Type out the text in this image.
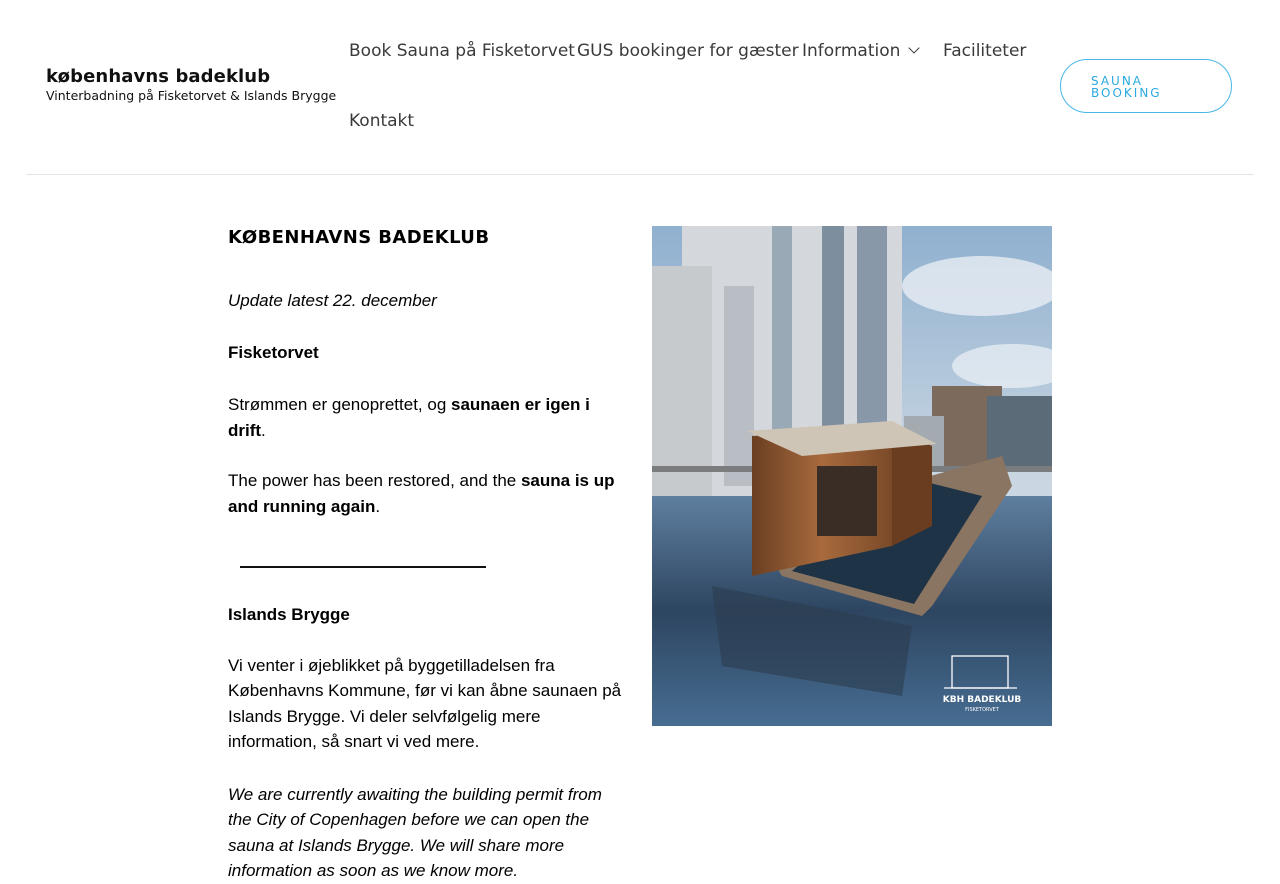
københavns badeklub
Vinterbadning på Fisketorvet & Islands Brygge
Book Sauna på Fisketorvet GUS bookinger for gæster Information	Faciliteter
Kontakt
SAUNA
BOOKING
KØBENHAVNS BADEKLUB

Update latest 22. december

Fisketorvet

Strømmen er genoprettet, og saunaen er igen i drift.

The power has been restored, and the sauna is up and running again.

Islands Brygge

Vi venter i øjeblikket på byggetilladelsen fra Københavns Kommune, før vi kan åbne saunaen på Islands Brygge. Vi deler selvfølgelig mere information, så snart vi ved mere.

We are currently awaiting the building permit from the City of Copenhagen before we can open the sauna at Islands Brygge. We will share more information as soon as we know more.

KBH BADEKLUB
FISKETORVET
